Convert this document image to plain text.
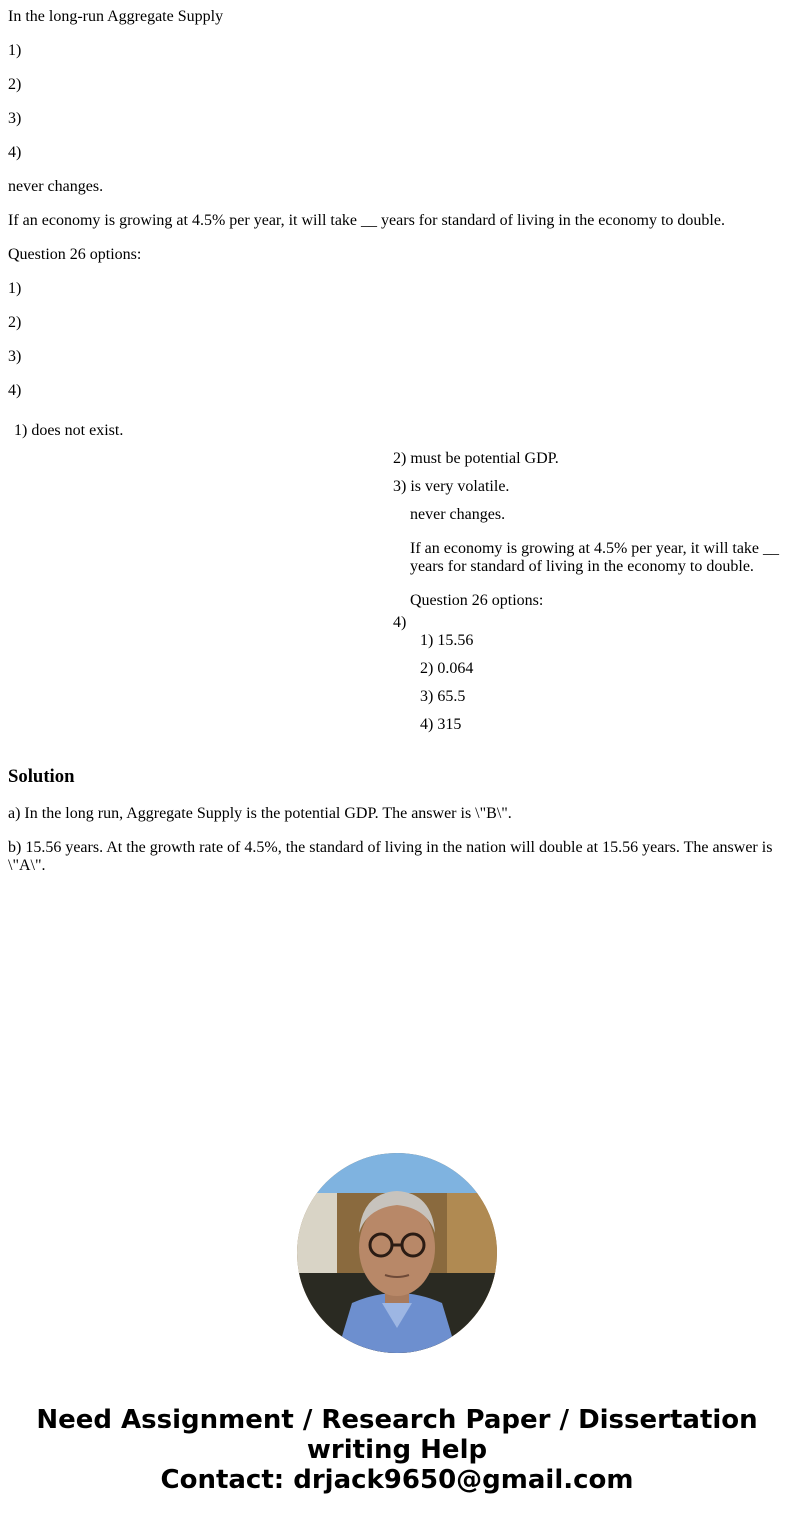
In the long-run Aggregate Supply
1)
2)
3)
4)
never changes.
If an economy is growing at 4.5% per year, it will take __ years for standard of living in the economy to double.
Question 26 options:
1)
2)
3)
4)
1) does not exist.
2) must be potential GDP.
3) is very volatile.
never changes.
If an economy is growing at 4.5% per year, it will take __ years for standard of living in the economy to double.
Question 26 options:
4)
1) 15.56
2) 0.064
3) 65.5
4) 315
Solution
a) In the long run, Aggregate Supply is the potential GDP. The answer is \"B\".
b) 15.56 years. At the growth rate of 4.5%, the standard of living in the nation will double at 15.56 years. The answer is \"A\".
Need Assignment / Research Paper / Dissertation
writing Help
Contact: drjack9650@gmail.com
